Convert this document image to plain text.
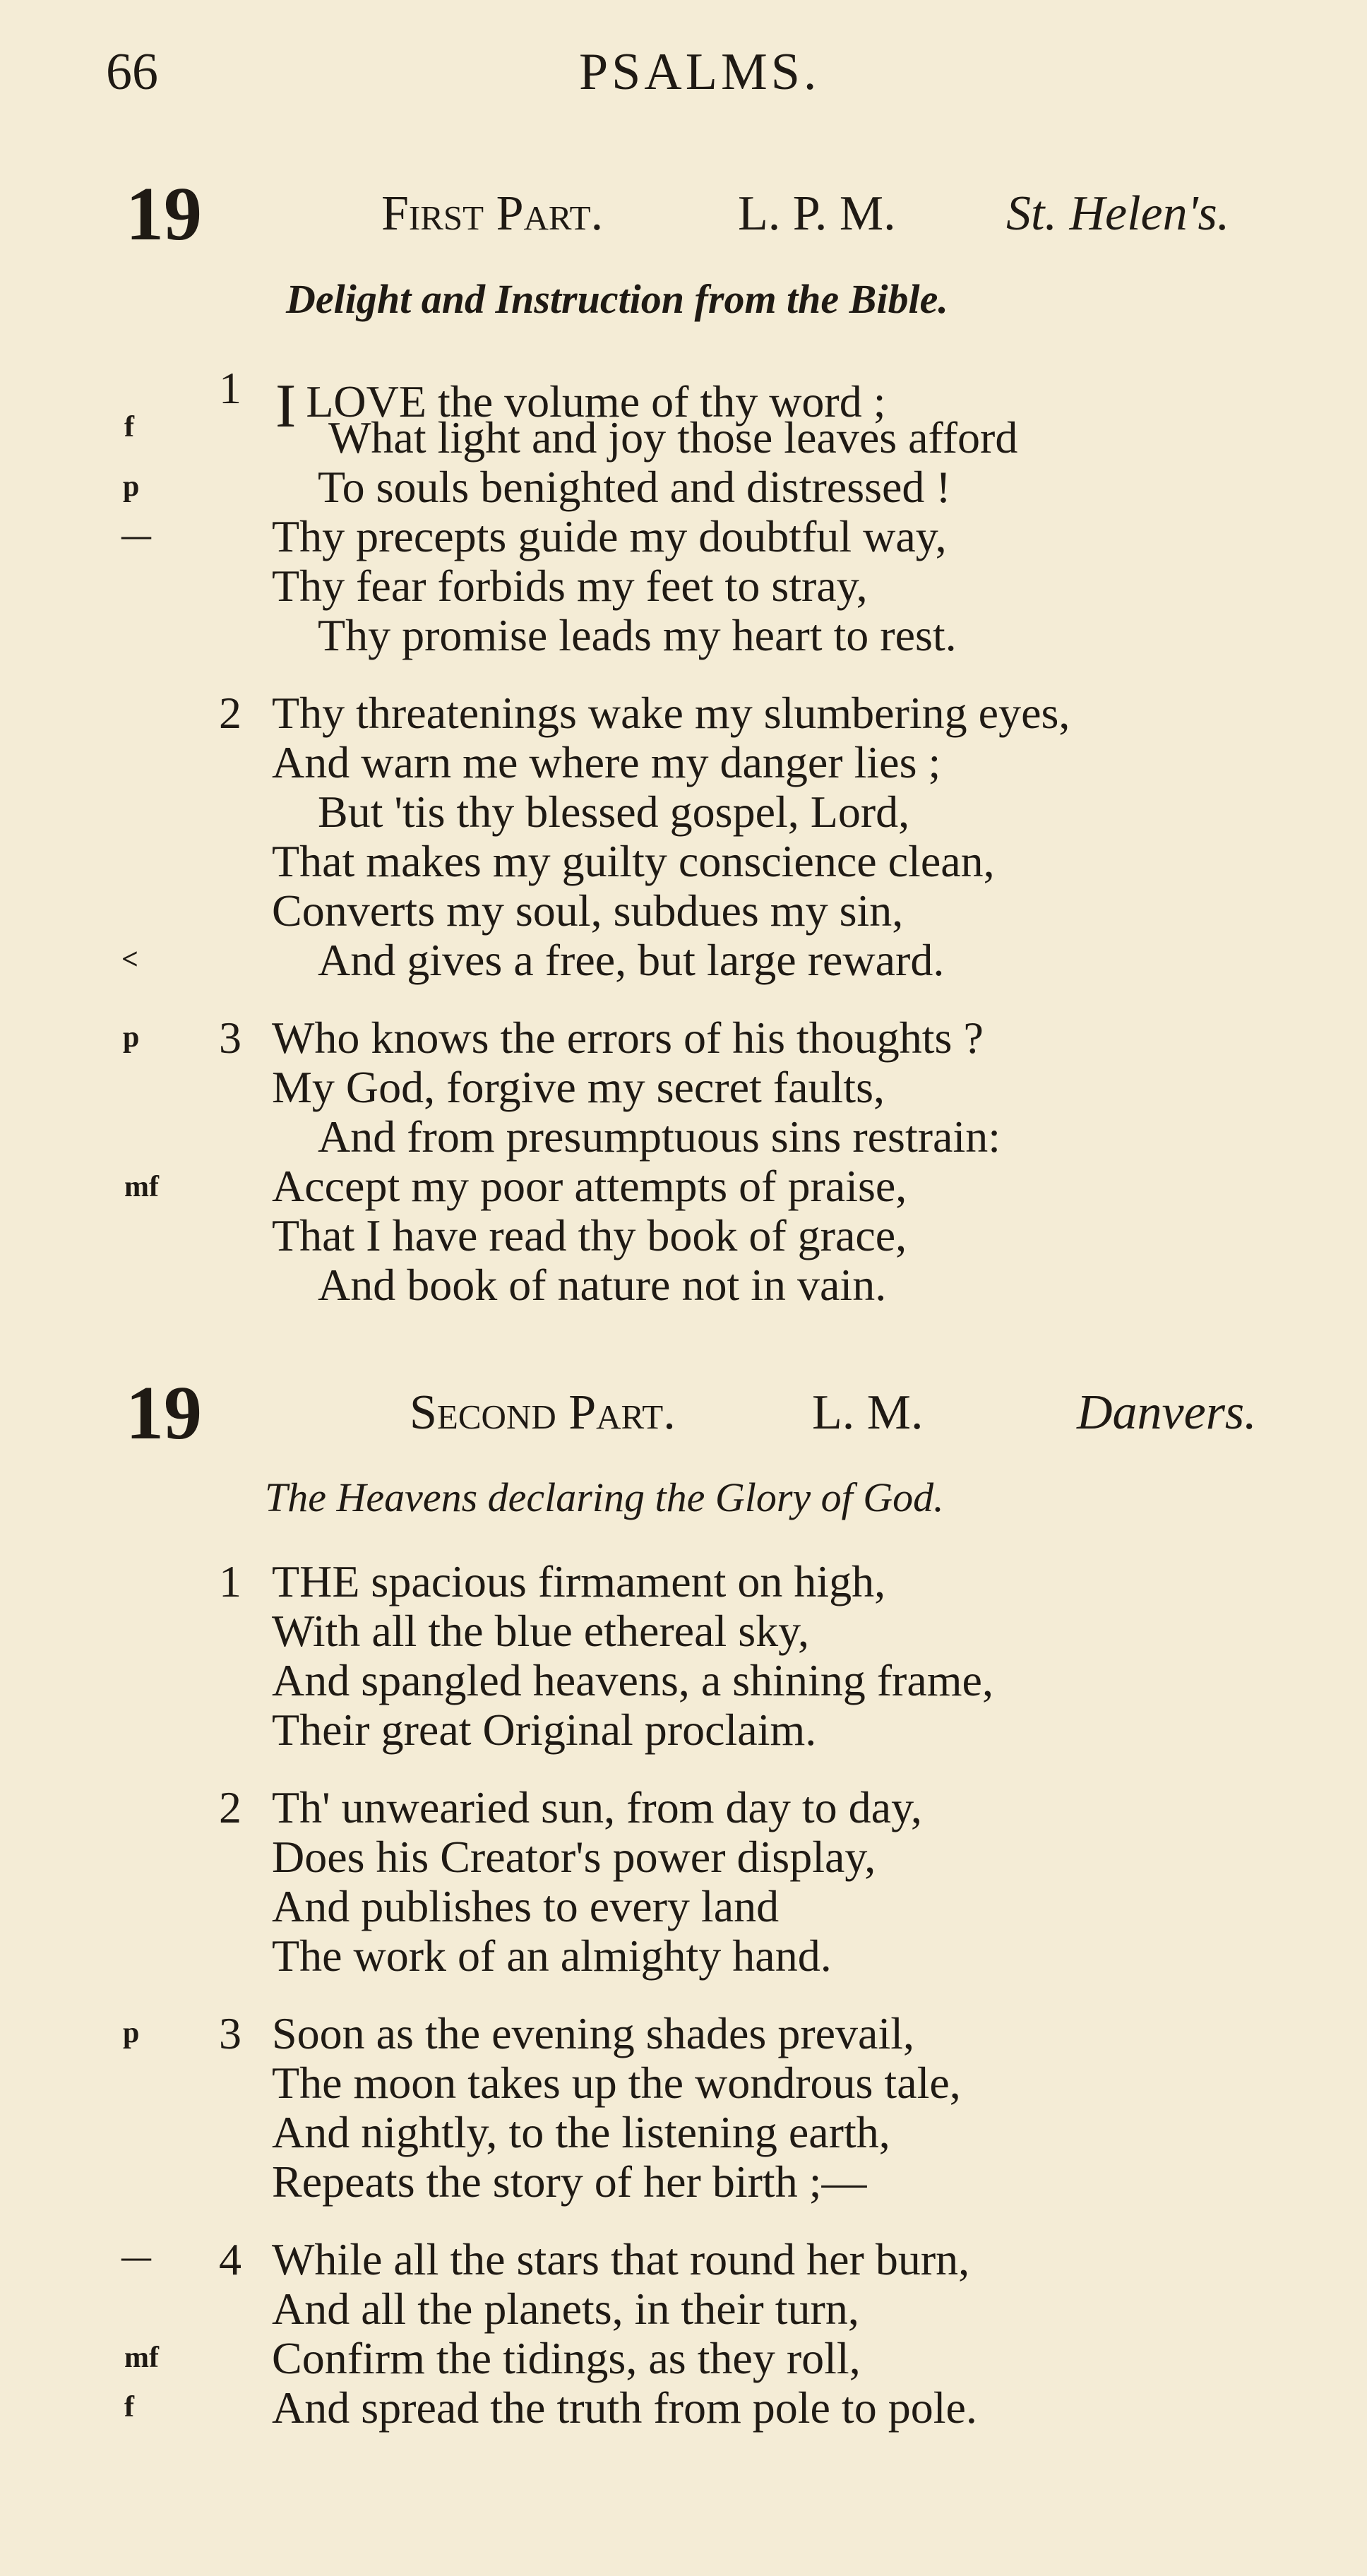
66	PSALMS.
19	First Part.	L. P. M. St. Helen's.
Delight and Instruction from the Bible.
1 I LOVE the volume of thy word ;
What light and joy those leaves afford
To souls benighted and distressed !
Thy precepts guide my doubtful way,
Thy fear forbids my feet to stray,
Thy promise leads my heart to rest.
2 Thy threatenings wake my slumbering eyes,
And warn me where my danger lies ;
But 'tis thy blessed gospel, Lord,
That makes my guilty conscience clean,
Converts my soul, subdues my sin,
And gives a free, but large reward.
3 Who knows the errors of his thoughts ?
My God, forgive my secret faults,
And from presumptuous sins restrain:
Accept my poor attempts of praise,
That I have read thy book of grace,
And book of nature not in vain.
f
p
—
<
p
mf
19	Second Part.	L. M.	Danvers.
The Heavens declaring the Glory of God.
1 THE spacious firmament on high,
With all the blue ethereal sky,
And spangled heavens, a shining frame,
Their great Original proclaim.
2 Th' unwearied sun, from day to day,
Does his Creator's power display,
And publishes to every land
The work of an almighty hand.
3 Soon as the evening shades prevail,
The moon takes up the wondrous tale,
And nightly, to the listening earth,
Repeats the story of her birth ;—
4 While all the stars that round her burn,
And all the planets, in their turn,
Confirm the tidings, as they roll,
And spread the truth from pole to pole.
p
—
mf
f
